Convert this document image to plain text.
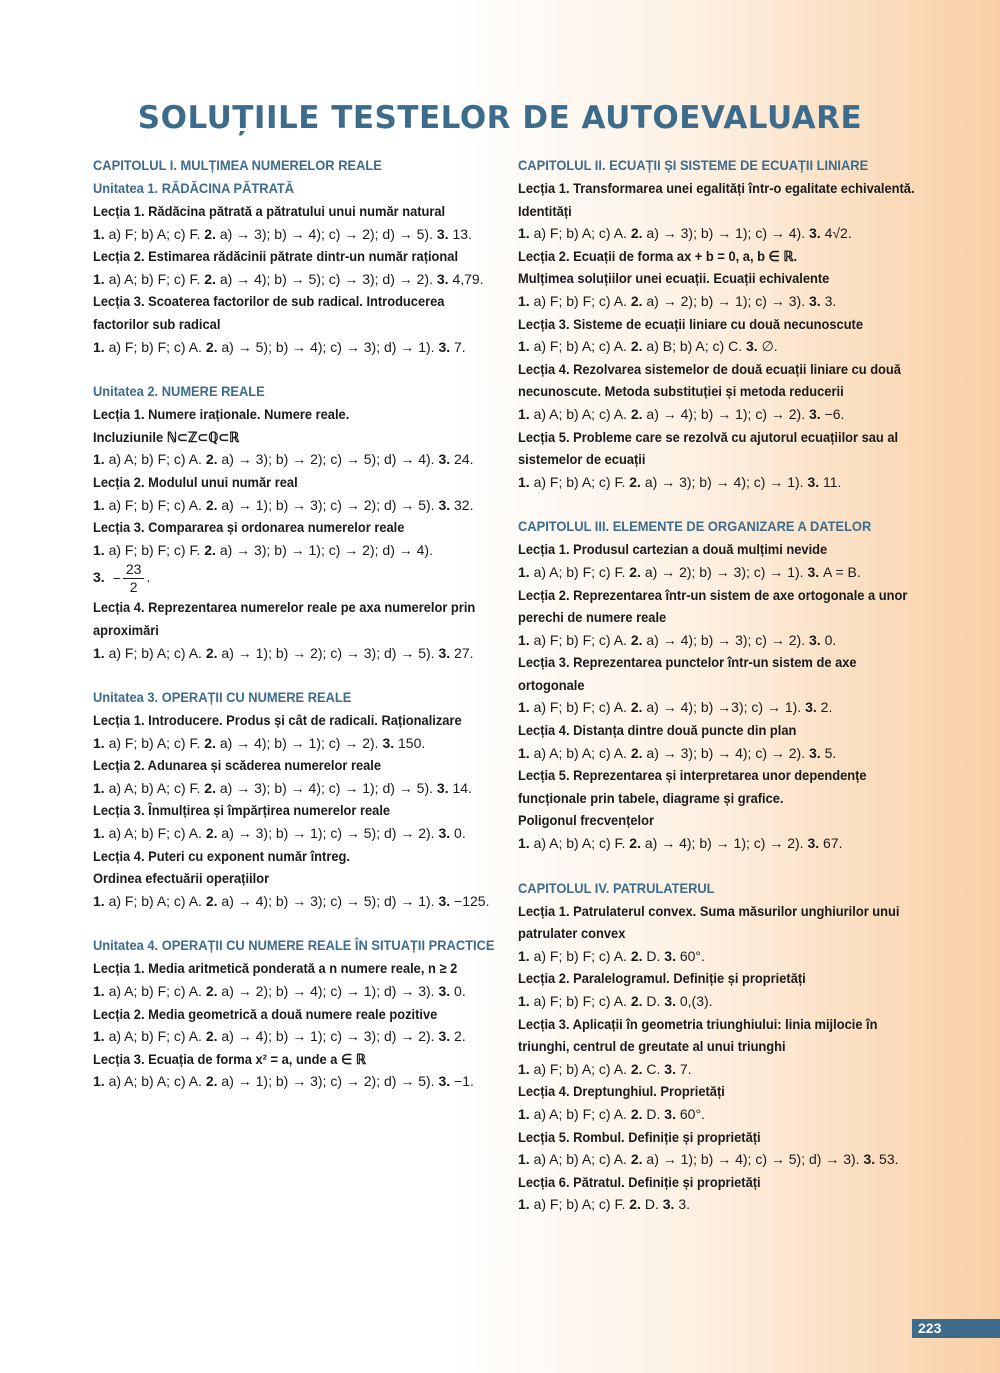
SOLUȚIILE TESTELOR DE AUTOEVALUARE
CAPITOLUL I. MULȚIMEA NUMERELOR REALE
Unitatea 1. RĂDĂCINA PĂTRATĂ
Lecția 1. Rădăcina pătrată a pătratului unui număr natural
1. a) F; b) A; c) F. 2. a) → 3); b) → 4); c) → 2); d) → 5). 3. 13.
Lecția 2. Estimarea rădăcinii pătrate dintr-un număr rațional
1. a) A; b) F; c) F. 2. a) → 4); b) → 5); c) → 3); d) → 2). 3. 4,79.
Lecția 3. Scoaterea factorilor de sub radical. Introducerea factorilor sub radical
1. a) F; b) F; c) A. 2. a) → 5); b) → 4); c) → 3); d) → 1). 3. 7.
Unitatea 2. NUMERE REALE
Lecția 1. Numere iraționale. Numere reale.
Incluziunile ℕ⊂ℤ⊂ℚ⊂ℝ
1. a) A; b) F; c) A. 2. a) → 3); b) → 2); c) → 5); d) → 4). 3. 24.
Lecția 2. Modulul unui număr real
1. a) F; b) F; c) A. 2. a) → 1); b) → 3); c) → 2); d) → 5). 3. 32.
Lecția 3. Compararea și ordonarea numerelor reale
1. a) F; b) F; c) F. 2. a) → 3); b) → 1); c) → 2); d) → 4).
3. − $\frac{23}{2}$ .
Lecția 4. Reprezentarea numerelor reale pe axa numerelor prin aproximări
1. a) F; b) A; c) A. 2. a) → 1); b) → 2); c) → 3); d) → 5). 3. 27.
Unitatea 3. OPERAȚII CU NUMERE REALE
Lecția 1. Introducere. Produs și cât de radicali. Raționalizare
1. a) F; b) A; c) F. 2. a) → 4); b) → 1); c) → 2). 3. 150.
Lecția 2. Adunarea și scăderea numerelor reale
1. a) A; b) A; c) F. 2. a) → 3); b) → 4); c) → 1); d) → 5). 3. 14.
Lecția 3. Înmulțirea și împărțirea numerelor reale
1. a) A; b) F; c) A. 2. a) → 3); b) → 1); c) → 5); d) → 2). 3. 0.
Lecția 4. Puteri cu exponent număr întreg.
Ordinea efectuării operațiilor
1. a) F; b) A; c) A. 2. a) → 4); b) → 3); c) → 5); d) → 1). 3. −125.
Unitatea 4. OPERAȚII CU NUMERE REALE ÎN SITUAȚII PRACTICE
Lecția 1. Media aritmetică ponderată a n numere reale, n ≥ 2
1. a) A; b) F; c) A. 2. a) → 2); b) → 4); c) → 1); d) → 3). 3. 0.
Lecția 2. Media geometrică a două numere reale pozitive
1. a) A; b) F; c) A. 2. a) → 4); b) → 1); c) → 3); d) → 2). 3. 2.
Lecția 3. Ecuația de forma x² = a, unde a ∈ ℝ
1. a) A; b) A; c) A. 2. a) → 1); b) → 3); c) → 2); d) → 5). 3. −1.
CAPITOLUL II. ECUAȚII ȘI SISTEME DE ECUAȚII LINIARE
Lecția 1. Transformarea unei egalități într-o egalitate echivalentă. Identități
1. a) F; b) A; c) A. 2. a) → 3); b) → 1); c) → 4). 3. 4√2.
Lecția 2. Ecuații de forma ax + b = 0, a, b ∈ ℝ.
Mulțimea soluțiilor unei ecuații. Ecuații echivalente
1. a) F; b) F; c) A. 2. a) → 2); b) → 1); c) → 3). 3. 3.
Lecția 3. Sisteme de ecuații liniare cu două necunoscute
1. a) F; b) A; c) A. 2. a) B; b) A; c) C. 3. ∅.
Lecția 4. Rezolvarea sistemelor de două ecuații liniare cu două necunoscute. Metoda substituției și metoda reducerii
1. a) A; b) A; c) A. 2. a) → 4); b) → 1); c) → 2). 3. −6.
Lecția 5. Probleme care se rezolvă cu ajutorul ecuațiilor sau al sistemelor de ecuații
1. a) F; b) A; c) F. 2. a) → 3); b) → 4); c) → 1). 3. 11.
CAPITOLUL III. ELEMENTE DE ORGANIZARE A DATELOR
Lecția 1. Produsul cartezian a două mulțimi nevide
1. a) A; b) F; c) F. 2. a) → 2); b) → 3); c) → 1). 3. A = B.
Lecția 2. Reprezentarea într-un sistem de axe ortogonale a unor perechi de numere reale
1. a) F; b) F; c) A. 2. a) → 4); b) → 3); c) → 2). 3. 0.
Lecția 3. Reprezentarea punctelor într-un sistem de axe ortogonale
1. a) F; b) F; c) A. 2. a) → 4); b) →3); c) → 1). 3. 2.
Lecția 4. Distanța dintre două puncte din plan
1. a) A; b) A; c) A. 2. a) → 3); b) → 4); c) → 2). 3. 5.
Lecția 5. Reprezentarea și interpretarea unor dependențe funcționale prin tabele, diagrame și grafice.
Poligonul frecvențelor
1. a) A; b) A; c) F. 2. a) → 4); b) → 1); c) → 2). 3. 67.
CAPITOLUL IV. PATRULATERUL
Lecția 1. Patrulaterul convex. Suma măsurilor unghiurilor unui patrulater convex
1. a) F; b) F; c) A. 2. D. 3. 60°.
Lecția 2. Paralelogramul. Definiție și proprietăți
1. a) F; b) F; c) A. 2. D. 3. 0,(3).
Lecția 3. Aplicații în geometria triunghiului: linia mijlocie în triunghi, centrul de greutate al unui triunghi
1. a) F; b) A; c) A. 2. C. 3. 7.
Lecția 4. Dreptunghiul. Proprietăți
1. a) A; b) F; c) A. 2. D. 3. 60°.
Lecția 5. Rombul. Definiție și proprietăți
1. a) A; b) A; c) A. 2. a) → 1); b) → 4); c) → 5); d) → 3). 3. 53.
Lecția 6. Pătratul. Definiție și proprietăți
1. a) F; b) A; c) F. 2. D. 3. 3.
223
